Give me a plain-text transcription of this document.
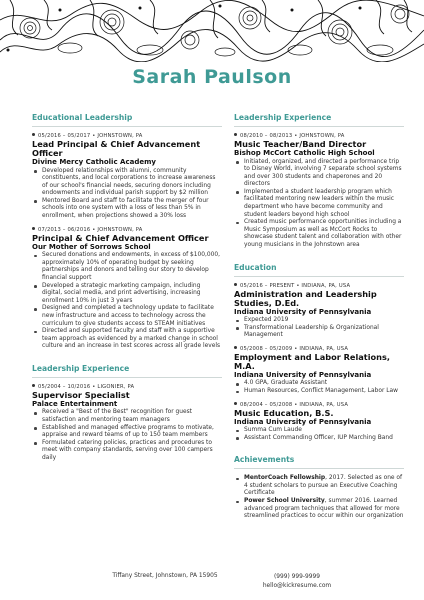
Sarah Paulson
Educational Leadership
05/2016 – 05/2017 • JOHNSTOWN, PA
Lead Principal & Chief Advancement Officer
Divine Mercy Catholic Academy
Developed relationships with alumni, community constituents, and local corporations to increase awareness of our school's financial needs, securing donors including endowments and individual parish support by $2 million
Mentored Board and staff to facilitate the merger of four schools into one system with a loss of less than 5% in enrollment, when projections showed a 30% loss
07/2013 – 06/2016 • JOHNSTOWN, PA
Principal & Chief Advancement Officer
Our Mother of Sorrows School
Secured donations and endowments, in excess of $100,000, approximately 10% of operating budget by seeking partnerships and donors and telling our story to develop financial support
Developed a strategic marketing campaign, including digital, social media, and print advertising, increasing enrollment 10% in just 3 years
Designed and completed a technology update to facilitate new infrastructure and access to technology across the curriculum to give students access to STEAM initiatives
Directed and supported faculty and staff with a supportive team approach as evidenced by a marked change in school culture and an increase in test scores across all grade levels
Leadership Experience
05/2004 – 10/2016 • LIGONIER, PA
Supervisor Specialist
Palace Entertainment
Received a "Best of the Best" recognition for guest satisfaction and mentoring team managers
Established and managed effective programs to motivate, appraise and reward teams of up to 150 team members
Formulated catering policies, practices and procedures to meet with company standards, serving over 100 campers daily
Leadership Experience
08/2010 – 08/2013 • JOHNSTOWN, PA
Music Teacher/Band Director
Bishop McCort Catholic High School
Initiated, organized, and directed a performance trip to Disney World, involving 7 separate school systems and over 300 students and chaperones and 20 directors
Implemented a student leadership program which facilitated mentoring new leaders within the music department who have become community and student leaders beyond high school
Created music performance opportunities including a Music Symposium as well as McCort Rocks to showcase student talent and collaboration with other young musicians in the Johnstown area
Education
05/2016 – PRESENT • INDIANA, PA, USA
Administration and Leadership Studies, D.Ed.
Indiana University of Pennsylvania
Expected 2019
Transformational Leadership & Organizational Management
05/2008 – 05/2009 • INDIANA, PA, USA
Employment and Labor Relations, M.A.
Indiana University of Pennsylvania
4.0 GPA, Graduate Assistant
Human Resources, Conflict Management, Labor Law
08/2004 – 05/2008 • INDIANA, PA, USA
Music Education, B.S.
Indiana University of Pennsylvania
Summa Cum Laude
Assistant Commanding Officer, IUP Marching Band
Achievements
MentorCoach Fellowship, 2017. Selected as one of 4 student scholars to pursue an Executive Coaching Certificate
Power School University, summer 2016. Learned advanced program techniques that allowed for more streamlined practices to occur within our organization
Tiffany Street, Johnstown, PA 15905	(999) 999-9999
hello@kickresume.com
